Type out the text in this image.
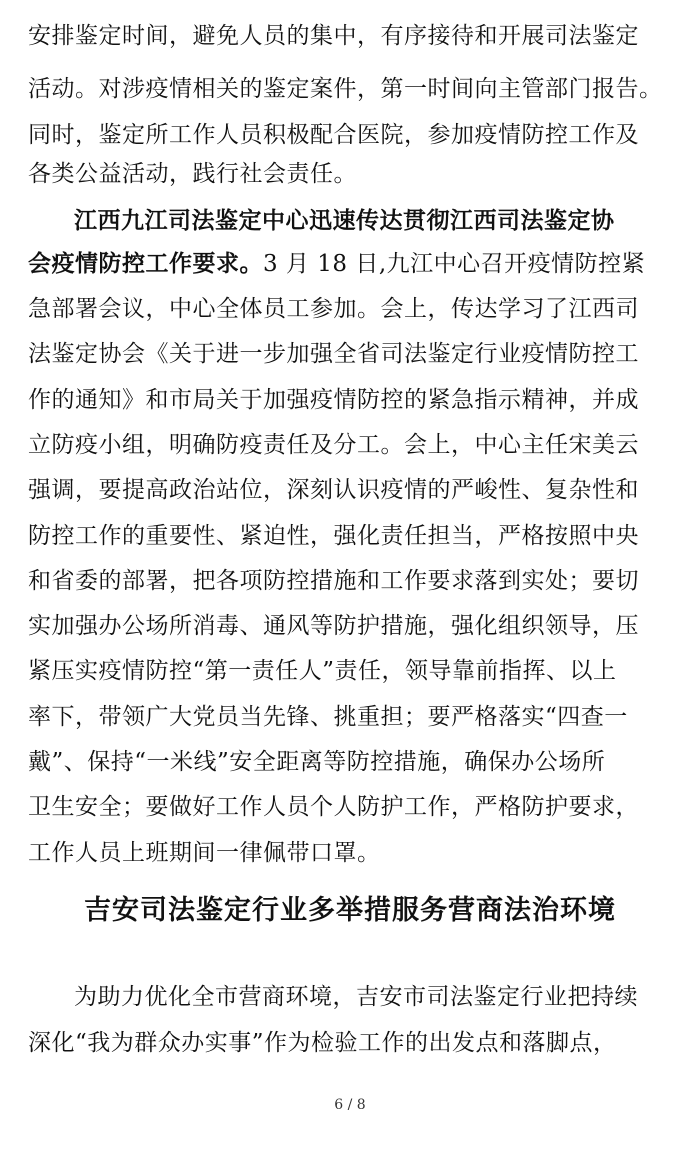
安排鉴定时间，避免人员的集中，有序接待和开展司法鉴定
活动。对涉疫情相关的鉴定案件，第一时间向主管部门报告。
同时，鉴定所工作人员积极配合医院，参加疫情防控工作及
各类公益活动，践行社会责任。
江西九江司法鉴定中心迅速传达贯彻江西司法鉴定协
会疫情防控工作要求。3 月 18 日,九江中心召开疫情防控紧
急部署会议，中心全体员工参加。会上，传达学习了江西司
法鉴定协会《关于进一步加强全省司法鉴定行业疫情防控工
作的通知》和市局关于加强疫情防控的紧急指示精神，并成
立防疫小组，明确防疫责任及分工。会上，中心主任宋美云
强调，要提高政治站位，深刻认识疫情的严峻性、复杂性和
防控工作的重要性、紧迫性，强化责任担当，严格按照中央
和省委的部署，把各项防控措施和工作要求落到实处；要切
实加强办公场所消毒、通风等防护措施，强化组织领导，压
紧压实疫情防控“第一责任人”责任，领导靠前指挥、以上
率下，带领广大党员当先锋、挑重担；要严格落实“四查一
戴”、保持“一米线”安全距离等防控措施，确保办公场所
卫生安全；要做好工作人员个人防护工作，严格防护要求，
工作人员上班期间一律佩带口罩。
吉安司法鉴定行业多举措服务营商法治环境
为助力优化全市营商环境，吉安市司法鉴定行业把持续
深化“我为群众办实事”作为检验工作的出发点和落脚点，
6 / 8
